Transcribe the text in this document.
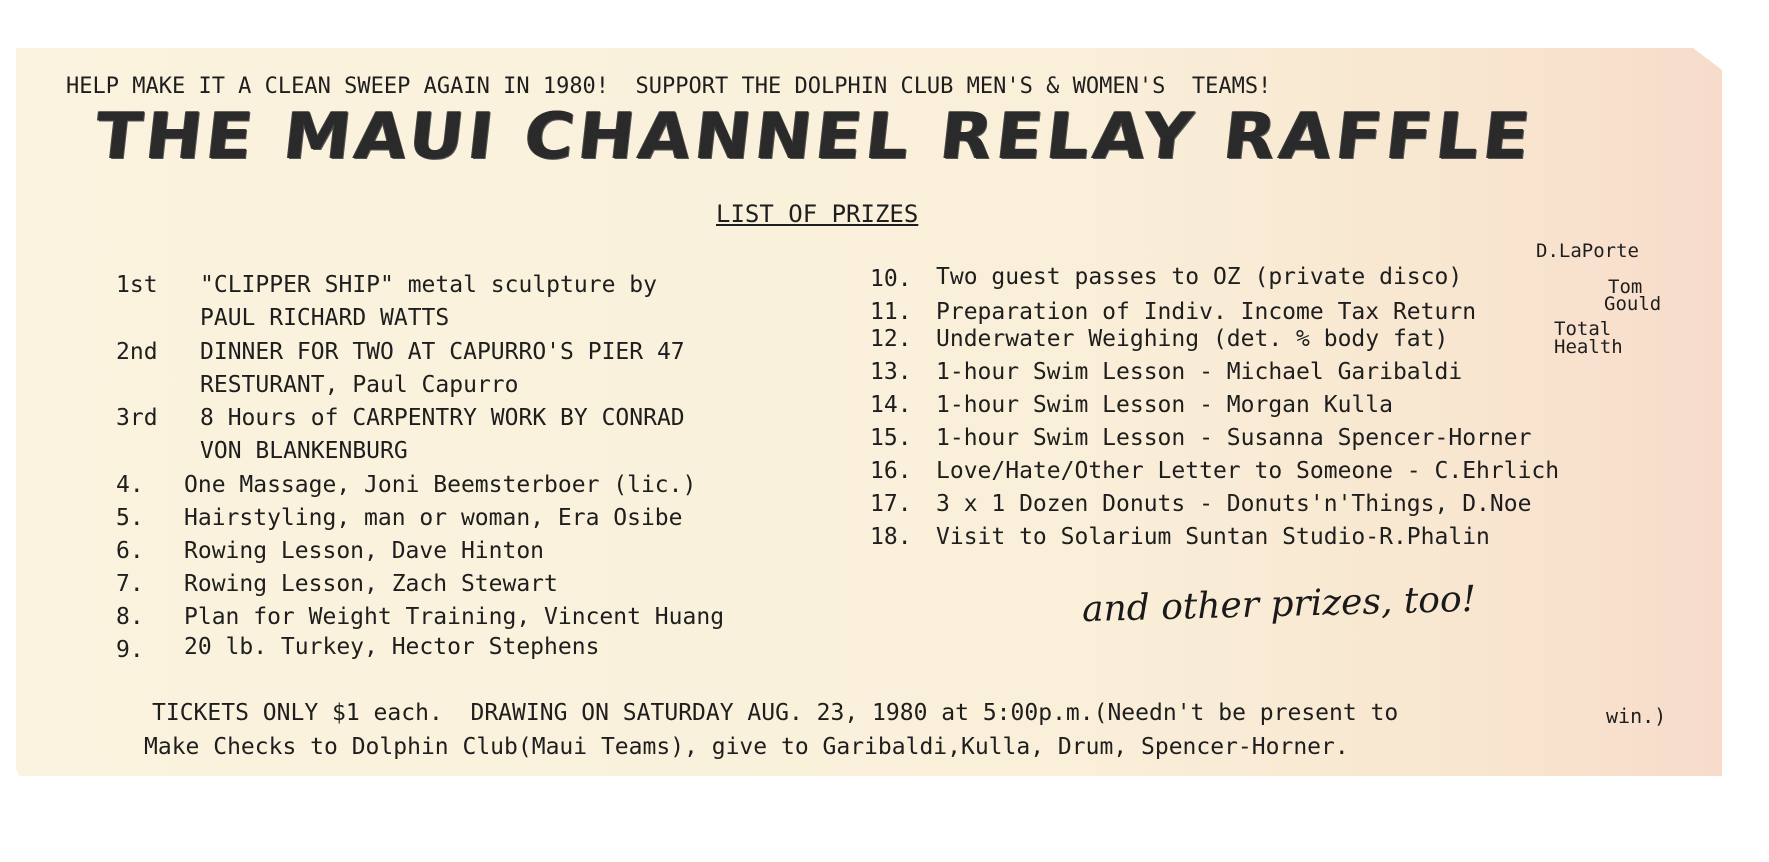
HELP MAKE IT A CLEAN SWEEP AGAIN IN 1980!  SUPPORT THE DOLPHIN CLUB MEN'S & WOMEN'S  TEAMS!
THE MAUI CHANNEL RELAY RAFFLE
LIST OF PRIZES
1st "CLIPPER SHIP" metal sculpture by
PAUL RICHARD WATTS
2nd DINNER FOR TWO AT CAPURRO'S PIER 47
RESTURANT, Paul Capurro
3rd 8 Hours of CARPENTRY WORK BY CONRAD
VON BLANKENBURG
4. One Massage, Joni Beemsterboer (lic.)
5. Hairstyling, man or woman, Era Osibe
6. Rowing Lesson, Dave Hinton
7. Rowing Lesson, Zach Stewart
8. Plan for Weight Training, Vincent Huang
9. 20 lb. Turkey, Hector Stephens
10. Two guest passes to OZ (private disco)
11. Preparation of Indiv. Income Tax Return
12. Underwater Weighing (det. % body fat)
13. 1-hour Swim Lesson - Michael Garibaldi
14. 1-hour Swim Lesson - Morgan Kulla
15. 1-hour Swim Lesson - Susanna Spencer-Horner
16. Love/Hate/Other Letter to Someone - C.Ehrlich
17. 3 x 1 Dozen Donuts - Donuts'n'Things, D.Noe
18. Visit to Solarium Suntan Studio-R.Phalin
D.LaPorte
Tom
Gould
Total
Health
and other prizes, too!
TICKETS ONLY $1 each.  DRAWING ON SATURDAY AUG. 23, 1980 at 5:00p.m.(Needn't be present to	win.)
Make Checks to Dolphin Club(Maui Teams), give to Garibaldi,Kulla, Drum, Spencer-Horner.
